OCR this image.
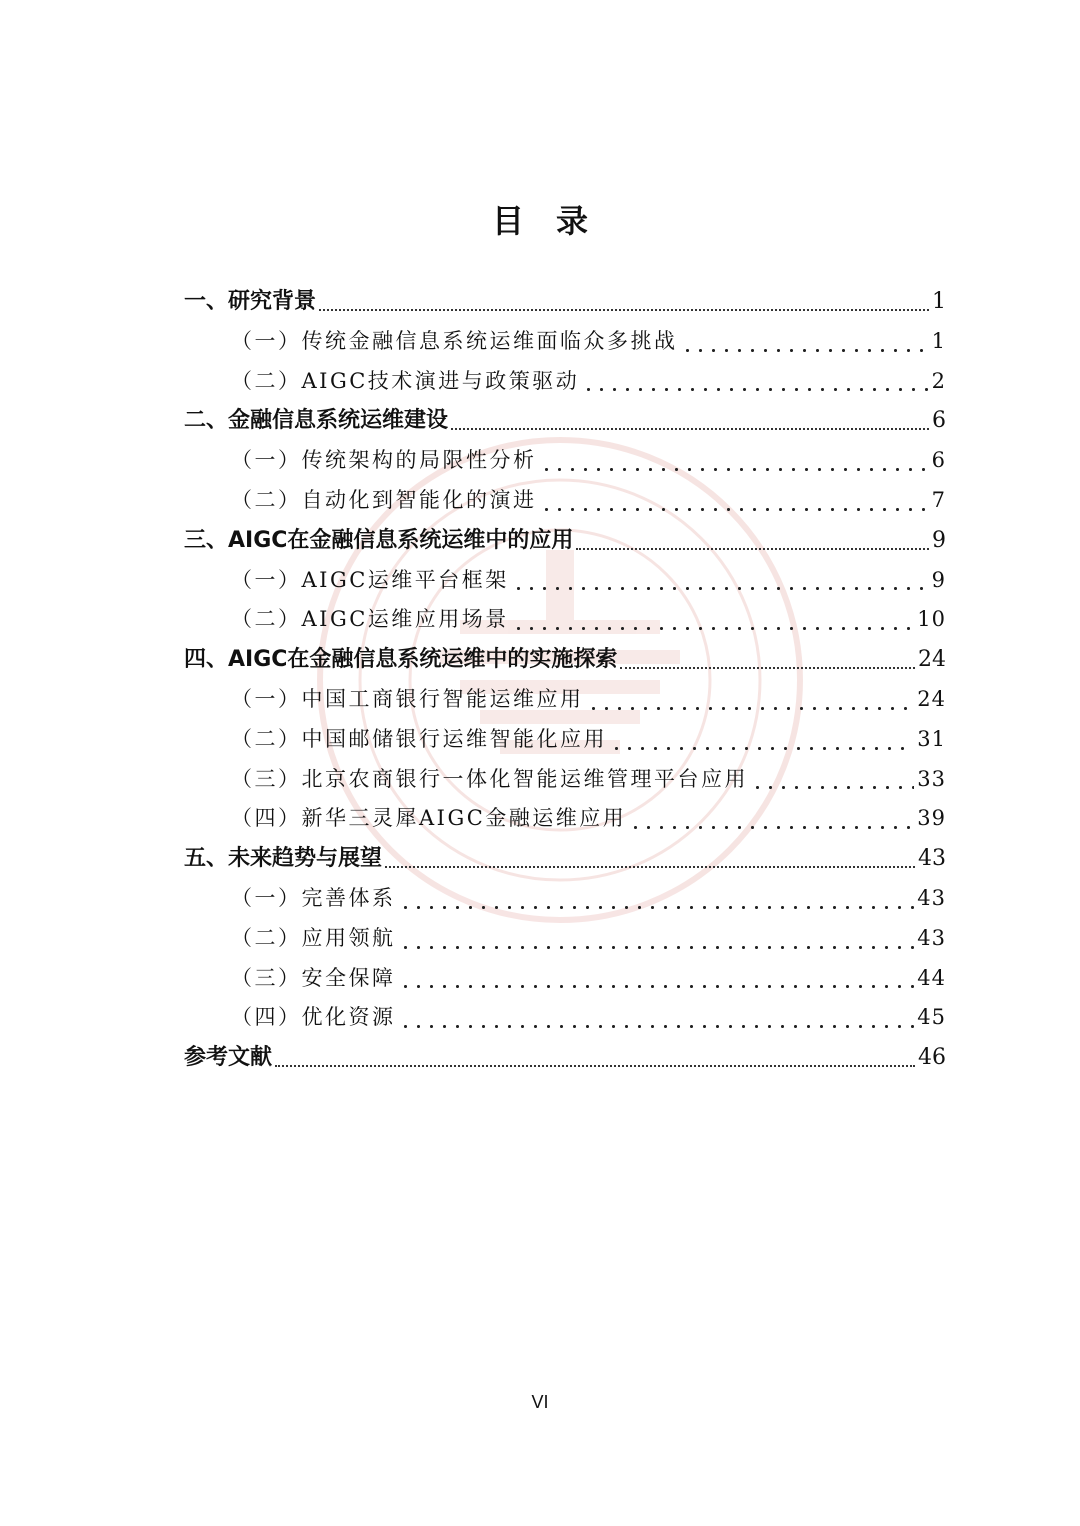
目　录
一、研究背景	1
（一）传统金融信息系统运维面临众多挑战	1
（二）AIGC技术演进与政策驱动	2
二、金融信息系统运维建设	6
（一）传统架构的局限性分析	6
（二）自动化到智能化的演进	7
三、AIGC在金融信息系统运维中的应用	9
（一）AIGC运维平台框架	9
（二）AIGC运维应用场景	10
四、AIGC在金融信息系统运维中的实施探索	24
（一）中国工商银行智能运维应用	24
（二）中国邮储银行运维智能化应用	31
（三）北京农商银行一体化智能运维管理平台应用	33
（四）新华三灵犀AIGC金融运维应用	39
五、未来趋势与展望	43
（一）完善体系	43
（二）应用领航	43
（三）安全保障	44
（四）优化资源	45
参考文献	46
VI
